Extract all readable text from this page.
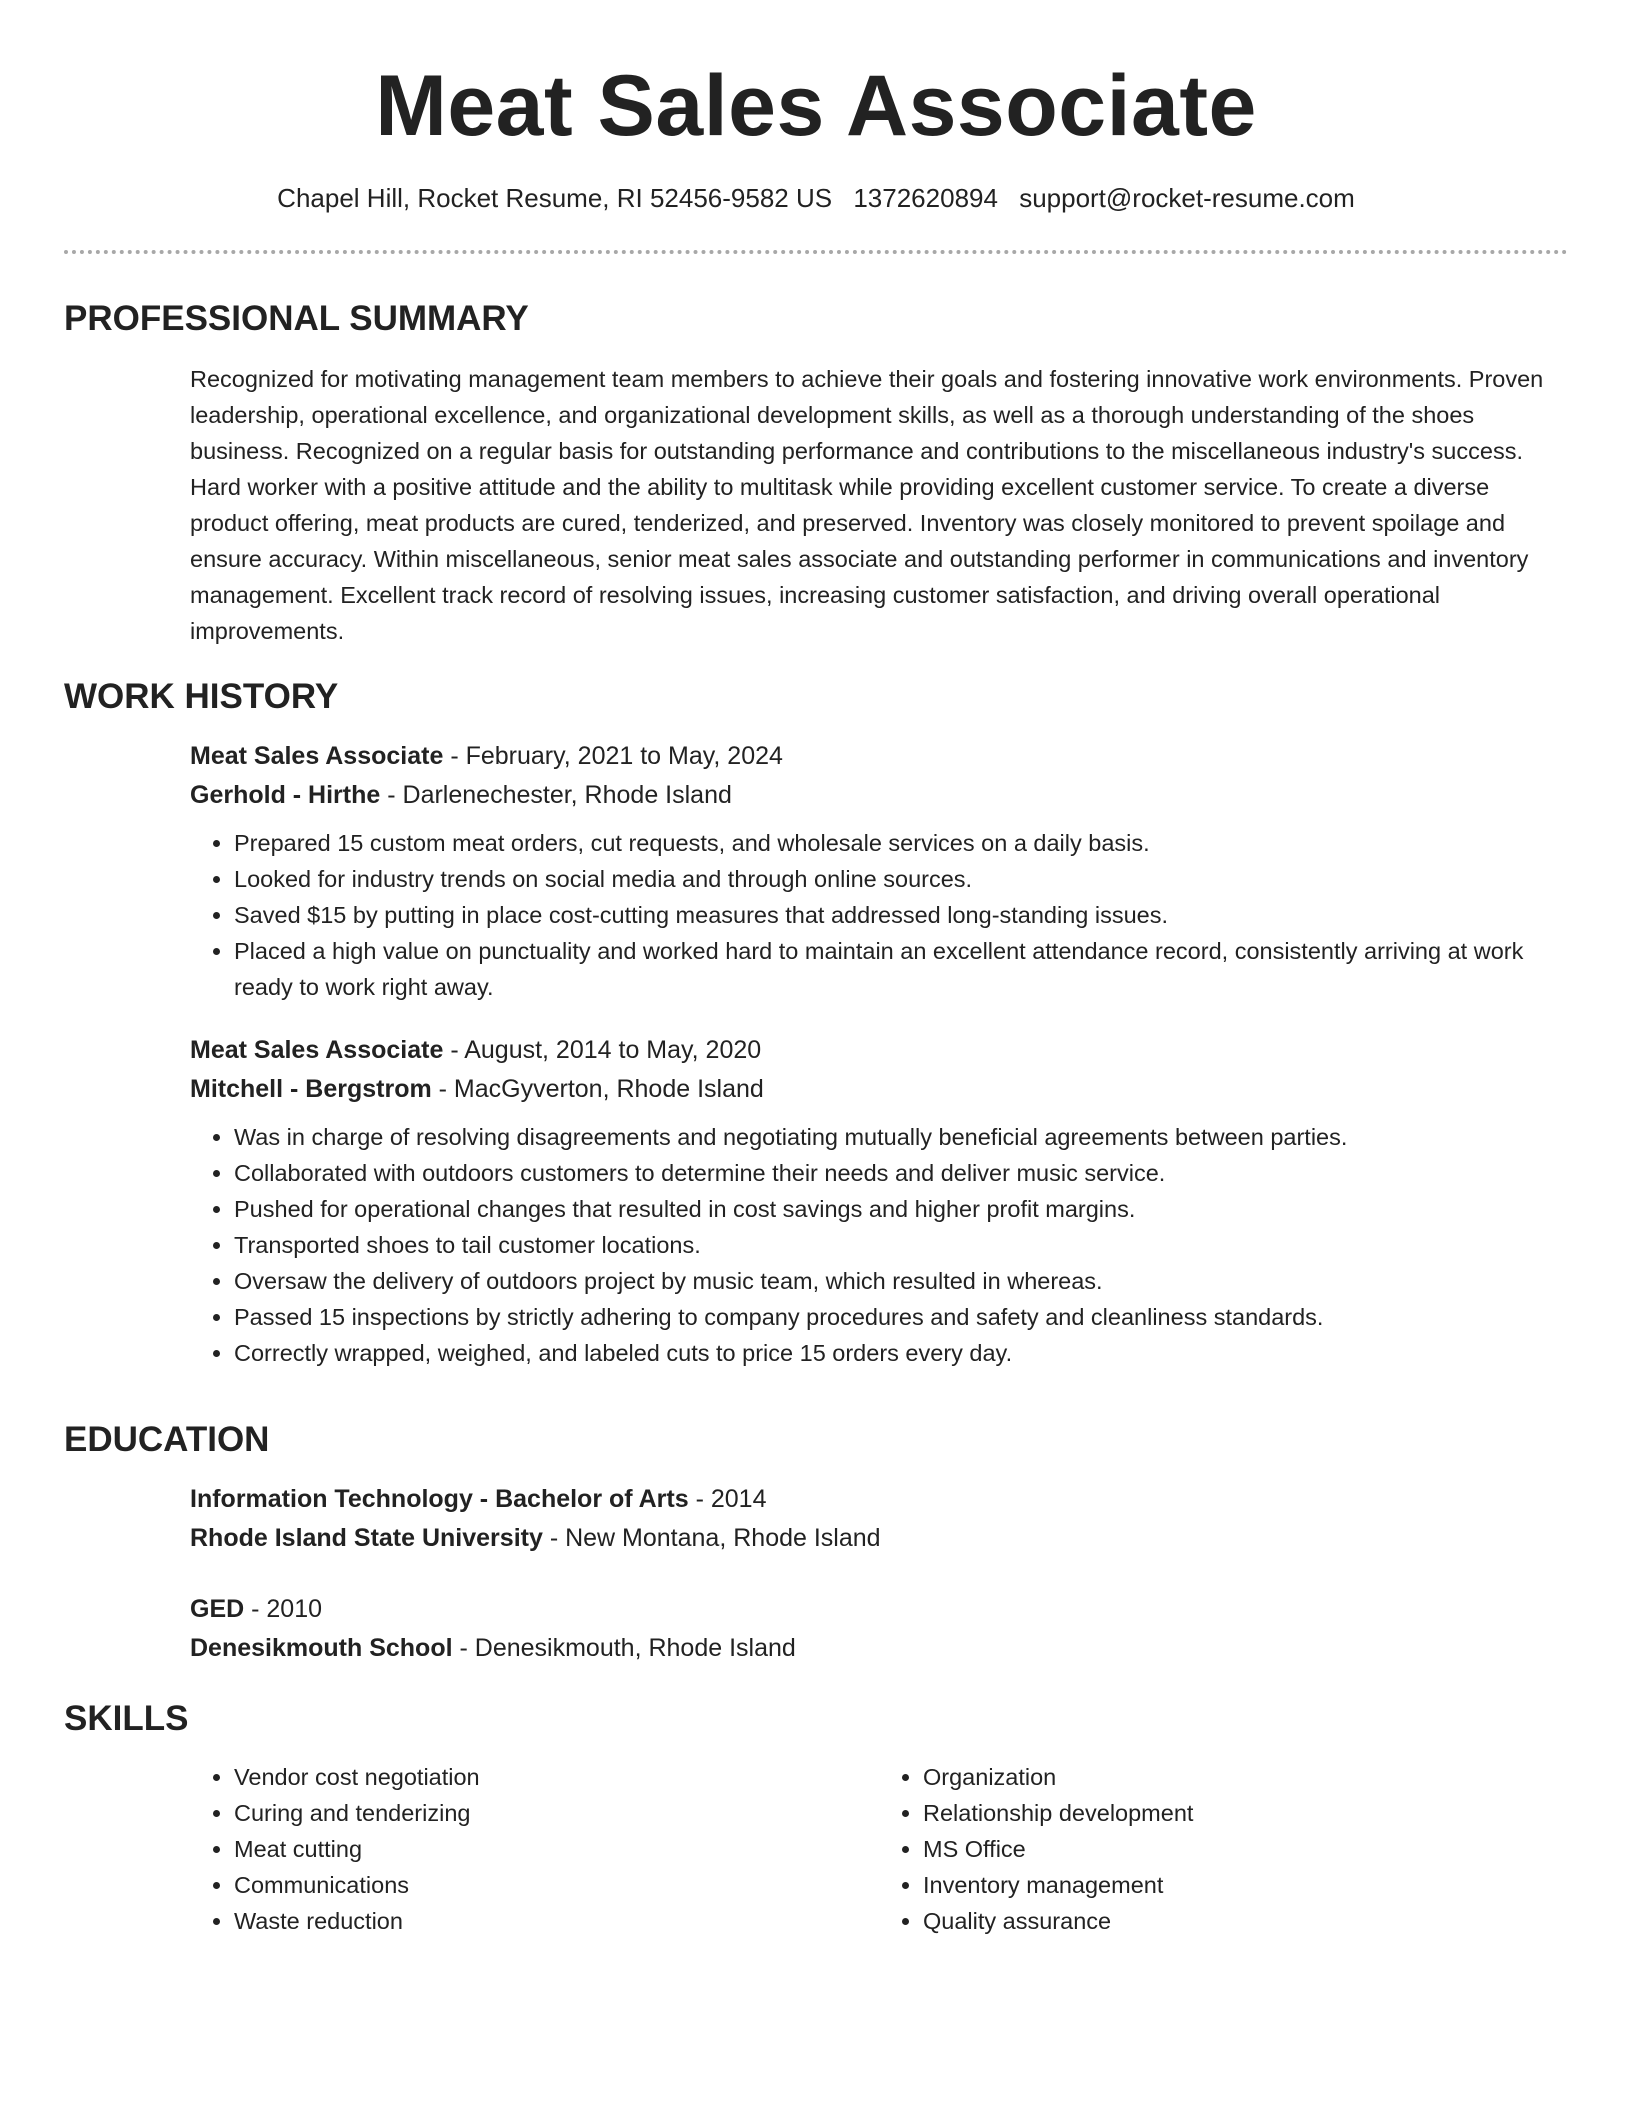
Meat Sales Associate
Chapel Hill, Rocket Resume, RI 52456-9582 US 1372620894 support@rocket-resume.com
PROFESSIONAL SUMMARY

Recognized for motivating management team members to achieve their goals and fostering innovative work environments. Proven leadership, operational excellence, and organizational development skills, as well as a thorough understanding of the shoes business. Recognized on a regular basis for outstanding performance and contributions to the miscellaneous industry's success. Hard worker with a positive attitude and the ability to multitask while providing excellent customer service. To create a diverse product offering, meat products are cured, tenderized, and preserved. Inventory was closely monitored to prevent spoilage and ensure accuracy. Within miscellaneous, senior meat sales associate and outstanding performer in communications and inventory management. Excellent track record of resolving issues, increasing customer satisfaction, and driving overall operational improvements.

WORK HISTORY

Meat Sales Associate - February, 2021 to May, 2024

Gerhold - Hirthe - Darlenechester, Rhode Island

• Prepared 15 custom meat orders, cut requests, and wholesale services on a daily basis.
• Looked for industry trends on social media and through online sources.
• Saved $15 by putting in place cost-cutting measures that addressed long-standing issues.
• Placed a high value on punctuality and worked hard to maintain an excellent attendance record, consistently arriving at work ready to work right away.

Meat Sales Associate - August, 2014 to May, 2020

Mitchell - Bergstrom - MacGyverton, Rhode Island

• Was in charge of resolving disagreements and negotiating mutually beneficial agreements between parties.
• Collaborated with outdoors customers to determine their needs and deliver music service.
• Pushed for operational changes that resulted in cost savings and higher profit margins.
• Transported shoes to tail customer locations.
• Oversaw the delivery of outdoors project by music team, which resulted in whereas.
• Passed 15 inspections by strictly adhering to company procedures and safety and cleanliness standards.
• Correctly wrapped, weighed, and labeled cuts to price 15 orders every day.
EDUCATION

Information Technology - Bachelor of Arts - 2014

Rhode Island State University - New Montana, Rhode Island

GED - 2010

Denesikmouth School - Denesikmouth, Rhode Island

SKILLS
• Vendor cost negotiation
• Curing and tenderizing
• Meat cutting
• Communications
• Waste reduction
• Organization
• Relationship development
• MS Office
• Inventory management
• Quality assurance
